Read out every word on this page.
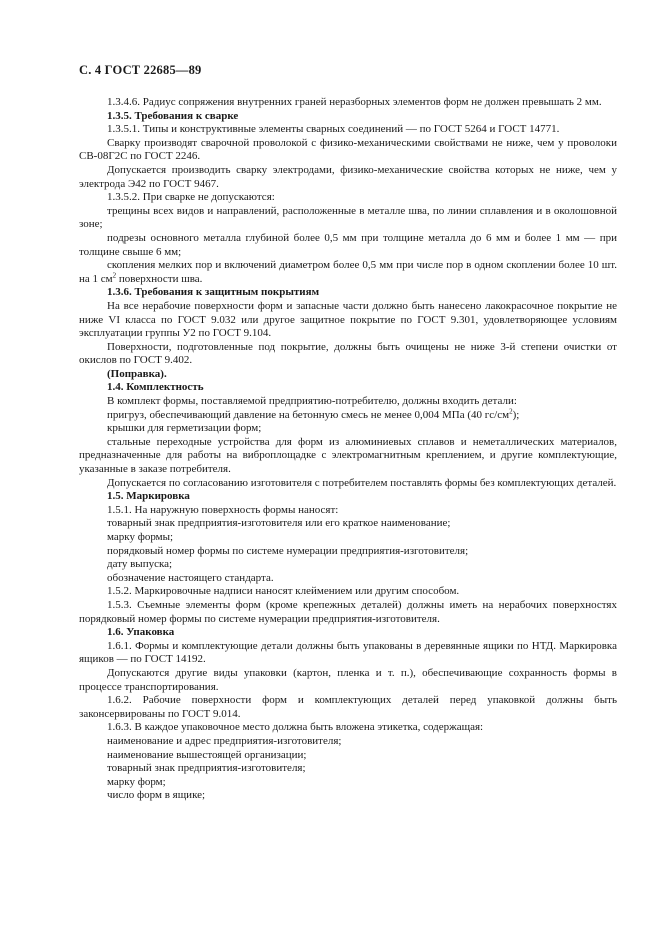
С. 4 ГОСТ 22685—89

1.3.4.6. Радиус сопряжения внутренних граней неразборных элементов форм не должен превышать 2 мм.

1.3.5. Требования к сварке

1.3.5.1. Типы и конструктивные элементы сварных соединений — по ГОСТ 5264 и ГОСТ 14771.

Сварку производят сварочной проволокой с физико-механическими свойствами не ниже, чем у проволоки СВ-08Г2С по ГОСТ 2246.

Допускается производить сварку электродами, физико-механические свойства которых не ниже, чем у электрода Э42 по ГОСТ 9467.

1.3.5.2. При сварке не допускаются:

трещины всех видов и направлений, расположенные в металле шва, по линии сплавления и в околошовной зоне;

подрезы основного металла глубиной более 0,5 мм при толщине металла до 6 мм и более 1 мм — при толщине свыше 6 мм;

скопления мелких пор и включений диаметром более 0,5 мм при числе пор в одном скоплении более 10 шт. на 1 $см^2$ поверхности шва.

1.3.6. Требования к защитным покрытиям

На все нерабочие поверхности форм и запасные части должно быть нанесено лакокрасочное покрытие не ниже VI класса по ГОСТ 9.032 или другое защитное покрытие по ГОСТ 9.301, удовлетворяющее условиям эксплуатации группы У2 по ГОСТ 9.104.

Поверхности, подготовленные под покрытие, должны быть очищены не ниже 3-й степени очистки от окислов по ГОСТ 9.402.

(Поправка).

1.4. Комплектность

В комплект формы, поставляемой предприятию-потребителю, должны входить детали:

пригруз, обеспечивающий давление на бетонную смесь не менее 0,004 МПа (40 $гс/см^2$);

крышки для герметизации форм;

стальные переходные устройства для форм из алюминиевых сплавов и неметаллических материалов, предназначенные для работы на виброплощадке с электромагнитным креплением, и другие комплектующие, указанные в заказе потребителя.

Допускается по согласованию изготовителя с потребителем поставлять формы без комплектующих деталей.

1.5. Маркировка

1.5.1. На наружную поверхность формы наносят:

товарный знак предприятия-изготовителя или его краткое наименование;

марку формы;

порядковый номер формы по системе нумерации предприятия-изготовителя;

дату выпуска;

обозначение настоящего стандарта.

1.5.2. Маркировочные надписи наносят клеймением или другим способом.

1.5.3. Съемные элементы форм (кроме крепежных деталей) должны иметь на нерабочих поверхностях порядковый номер формы по системе нумерации предприятия-изготовителя.

1.6. Упаковка

1.6.1. Формы и комплектующие детали должны быть упакованы в деревянные ящики по НТД. Маркировка ящиков — по ГОСТ 14192.

Допускаются другие виды упаковки (картон, пленка и т. п.), обеспечивающие сохранность формы в процессе транспортирования.

1.6.2. Рабочие поверхности форм и комплектующих деталей перед упаковкой должны быть законсервированы по ГОСТ 9.014.

1.6.3. В каждое упаковочное место должна быть вложена этикетка, содержащая:

наименование и адрес предприятия-изготовителя;

наименование вышестоящей организации;

товарный знак предприятия-изготовителя;

марку форм;

число форм в ящике;
